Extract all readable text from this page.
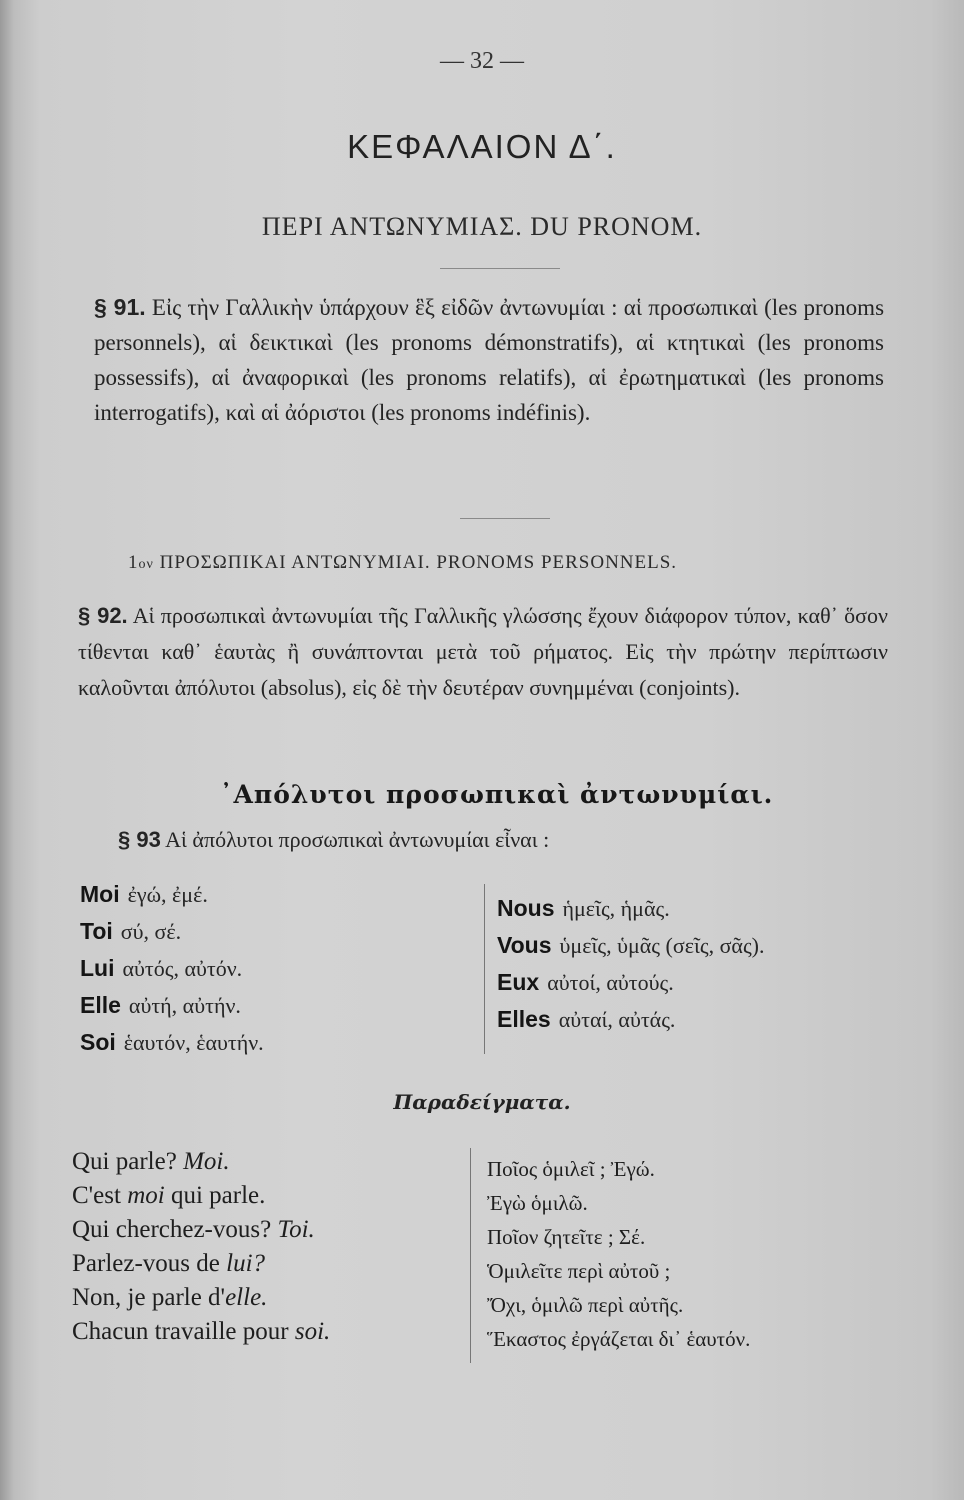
— 32 —
ΚΕΦΑΛΑΙΟΝ Δ΄.
ΠΕΡΙ ΑΝΤΩΝΥΜΙΑΣ. DU PRONOM.
§ 91. Εἰς τὴν Γαλλικὴν ὑπάρχουν ἓξ εἰδῶν ἀντωνυμίαι : αἱ προσωπικαὶ (les pronoms personnels), αἱ δεικτικαὶ (les pronoms démonstratifs), αἱ κτητικαὶ (les pronoms possessifs), αἱ ἀναφορικαὶ (les pronoms relatifs), αἱ ἐρωτηματικαὶ (les pronoms interrogatifs), καὶ αἱ ἀόριστοι (les pronoms indéfinis).
1ον ΠΡΟΣΩΠΙΚΑΙ ΑΝΤΩΝΥΜΙΑΙ. PRONOMS PERSONNELS.
§ 92. Αἱ προσωπικαὶ ἀντωνυμίαι τῆς Γαλλικῆς γλώσσης ἔχουν διάφορον τύπον, καθ᾽ ὅσον τίθενται καθ᾽ ἑαυτὰς ἢ συνάπτονται μετὰ τοῦ ρήματος. Εἰς τὴν πρώτην περίπτωσιν καλοῦνται ἀπόλυτοι (absolus), εἰς δὲ τὴν δευτέραν συνημμέναι (conjoints).
᾿Απόλυτοι προσωπικαὶ ἀντωνυμίαι.
§ 93 Αἱ ἀπόλυτοι προσωπικαὶ ἀντωνυμίαι εἶναι :
Moi ἐγώ, ἐμέ.
Toi σύ, σέ.
Lui αὐτός, αὐτόν.
Elle αὐτή, αὐτήν.
Soi ἑαυτόν, ἑαυτήν.
Nous ἡμεῖς, ἡμᾶς.
Vous ὑμεῖς, ὑμᾶς (σεῖς, σᾶς).
Eux αὐτοί, αὐτούς.
Elles αὐταί, αὐτάς.
Παραδείγματα.
Qui parle? Moi.
C'est moi qui parle.
Qui cherchez-vous? Toi.
Parlez-vous de lui?
Non, je parle d'elle.
Chacun travaille pour soi.
Ποῖος ὁμιλεῖ ; Ἐγώ.
Ἐγὼ ὁμιλῶ.
Ποῖον ζητεῖτε ; Σέ.
Ὁμιλεῖτε περὶ αὐτοῦ ;
Ὄχι, ὁμιλῶ περὶ αὐτῆς.
Ἕκαστος ἐργάζεται δι᾽ ἑαυτόν.
